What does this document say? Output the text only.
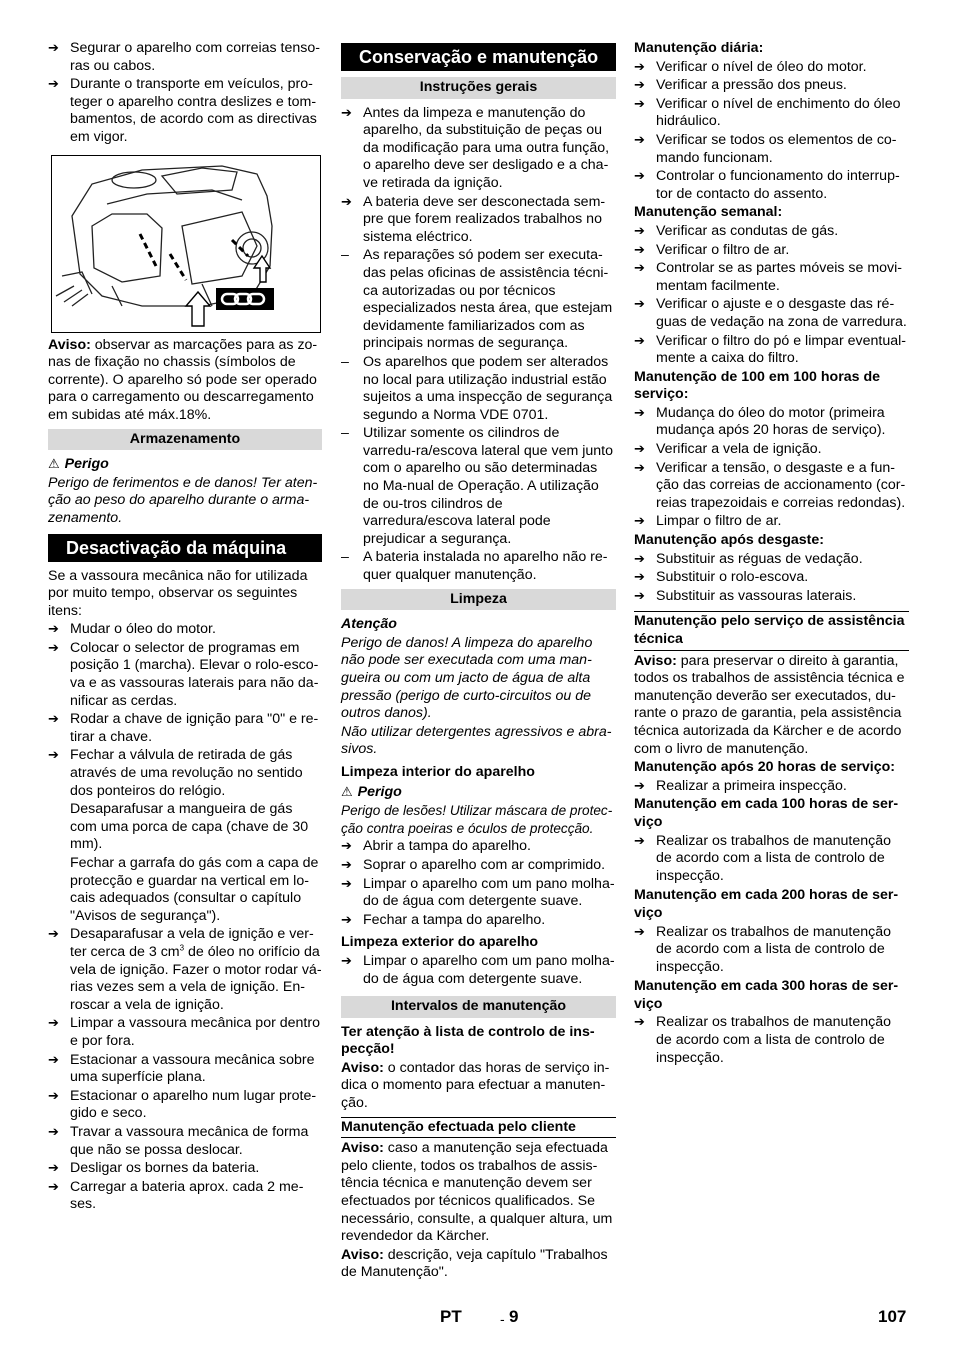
➔ Segurar o aparelho com correias tenso-ras ou cabos.
➔ Durante o transporte em veículos, pro-teger o aparelho contra deslizes e tom-bamentos, de acordo com as directivas em vigor.

Aviso: observar as marcações para as zo-nas de fixação no chassis (símbolos de corrente). O aparelho só pode ser operado para o carregamento ou descarregamento em subidas até máx.18%.

Armazenamento
⚠ Perigo

Perigo de ferimentos e de danos! Ter aten-ção ao peso do aparelho durante o arma-zenamento.

Desactivação da máquina

Se a vassoura mecânica não for utilizada por muito tempo, observar os seguintes itens:

➔ Mudar o óleo do motor.
➔ Colocar o selector de programas em posição 1 (marcha). Elevar o rolo-esco-va e as vassouras laterais para não da-nificar as cerdas.
➔ Rodar a chave de ignição para "0" e re-tirar a chave.
➔ Fechar a válvula de retirada de gás através de uma revolução no sentido dos ponteiros do relógio.
Desaparafusar a mangueira de gás com uma porca de capa (chave de 30 mm).
Fechar a garrafa do gás com a capa de protecção e guardar na vertical em lo-cais adequados (consultar o capítulo "Avisos de segurança").
➔ Desaparafusar a vela de ignição e ver-ter cerca de 3 $cm^3$ de óleo no orifício da vela de ignição. Fazer o motor rodar vá-rias vezes sem a vela de ignição. En-roscar a vela de ignição.
➔ Limpar a vassoura mecânica por dentro e por fora.
➔ Estacionar a vassoura mecânica sobre uma superfície plana.
➔ Estacionar o aparelho num lugar prote-gido e seco.
➔ Travar a vassoura mecânica de forma que não se possa deslocar.
➔ Desligar os bornes da bateria.
➔ Carregar a bateria aprox. cada 2 me-ses.
Conservação e manutenção
Instruções gerais
➔ Antes da limpeza e manutenção do aparelho, da substituição de peças ou da modificação para uma outra função, o aparelho deve ser desligado e a cha-ve retirada da ignição.
➔ A bateria deve ser desconectada sem-pre que forem realizados trabalhos no sistema eléctrico.
– As reparações só podem ser executa-das pelas oficinas de assistência técni-ca autorizadas ou por técnicos especializados nesta área, que estejam devidamente familiarizados com as principais normas de segurança.
– Os aparelhos que podem ser alterados no local para utilização industrial estão sujeitos a uma inspecção de segurança segundo a Norma VDE 0701.
– Utilizar somente os cilindros de varredu-ra/escova lateral que vem junto com o aparelho ou são determinadas no Ma-nual de Operação. A utilização de ou-tros cilindros de varredura/escova lateral pode prejudicar a segurança.
– A bateria instalada no aparelho não re-quer qualquer manutenção.
Limpeza
Atenção

Perigo de danos! A limpeza do aparelho não pode ser executada com uma man-gueira ou com um jacto de água de alta pressão (perigo de curto-circuitos ou de outros danos).

Não utilizar detergentes agressivos e abra-sivos.

Limpeza interior do aparelho
⚠ Perigo

Perigo de lesões! Utilizar máscara de protec-ção contra poeiras e óculos de protecção.

➔ Abrir a tampa do aparelho.
➔ Soprar o aparelho com ar comprimido.
➔ Limpar o aparelho com um pano molha-do de água com detergente suave.
➔ Fechar a tampa do aparelho.
Limpeza exterior do aparelho
➔ Limpar o aparelho com um pano molha-do de água com detergente suave.
Intervalos de manutenção
Ter atenção à lista de controlo de ins-pecção!

Aviso: o contador das horas de serviço in-dica o momento para efectuar a manuten-ção.

Manutenção efectuada pelo cliente

Aviso: caso a manutenção seja efectuada pelo cliente, todos os trabalhos de assis-tência técnica e manutenção devem ser efectuados por técnicos qualificados. Se necessário, consulte, a qualquer altura, um revendedor da Kärcher.

Aviso: descrição, veja capítulo "Trabalhos de Manutenção".

Manutenção diária:
➔ Verificar o nível de óleo do motor.
➔ Verificar a pressão dos pneus.
➔ Verificar o nível de enchimento do óleo hidráulico.
➔ Verificar se todos os elementos de co-mando funcionam.
➔ Controlar o funcionamento do interrup-tor de contacto do assento.
Manutenção semanal:
➔ Verificar as condutas de gás.
➔ Verificar o filtro de ar.
➔ Controlar se as partes móveis se movi-mentam facilmente.
➔ Verificar o ajuste e o desgaste das ré-guas de vedação na zona de varredura.
➔ Verificar o filtro do pó e limpar eventual-mente a caixa do filtro.
Manutenção de 100 em 100 horas de serviço:
➔ Mudança do óleo do motor (primeira mudança após 20 horas de serviço).
➔ Verificar a vela de ignição.
➔ Verificar a tensão, o desgaste e a fun-ção das correias de accionamento (cor-reias trapezoidais e correias redondas).
➔ Limpar o filtro de ar.
Manutenção após desgaste:
➔ Substituir as réguas de vedação.
➔ Substituir o rolo-escova.
➔ Substituir as vassouras laterais.
Manutenção pelo serviço de assistência técnica

Aviso: para preservar o direito à garantia, todos os trabalhos de assistência técnica e manutenção deverão ser executados, du-rante o prazo de garantia, pela assistência técnica autorizada da Kärcher e de acordo com o livro de manutenção.

Manutenção após 20 horas de serviço:
➔ Realizar a primeira inspecção.
Manutenção em cada 100 horas de ser-viço
➔ Realizar os trabalhos de manutenção de acordo com a lista de controlo de inspecção.
Manutenção em cada 200 horas de ser-viço
➔ Realizar os trabalhos de manutenção de acordo com a lista de controlo de inspecção.
Manutenção em cada 300 horas de ser-viço
➔ Realizar os trabalhos de manutenção de acordo com a lista de controlo de inspecção.
PT	- 9	107
